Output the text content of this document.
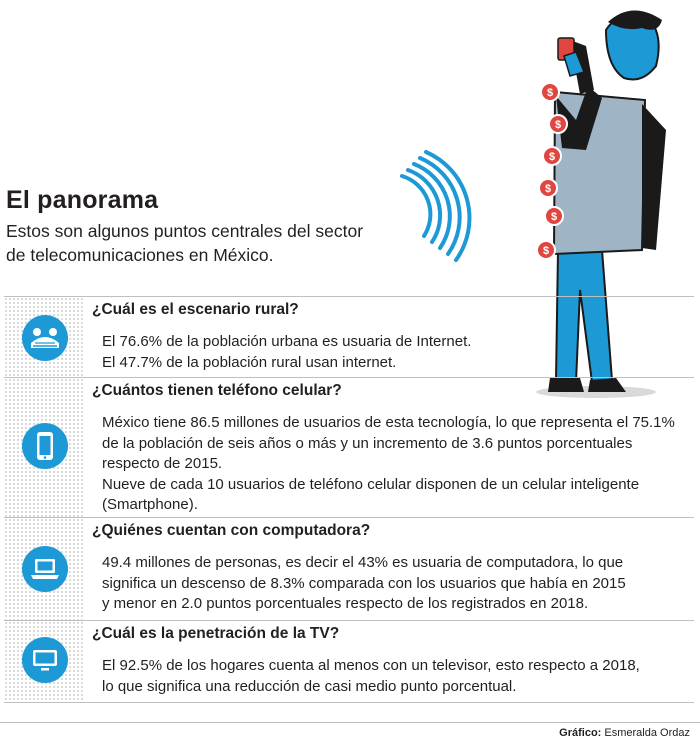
$
$
$
$
$
$
El panorama
Estos son algunos puntos centrales del sector
de telecomunicaciones en México.

¿Cuál es el escenario rural?

El 76.6% de la población urbana es usuaria de Internet.

El 47.7% de la población rural usan internet.

¿Cuántos tienen teléfono celular?

México tiene 86.5 millones de usuarios de esta tecnología, lo que representa el 75.1%

de la población de seis años o más y un incremento de 3.6 puntos porcentuales

respecto de 2015.

Nueve de cada 10 usuarios de teléfono celular disponen de un celular inteligente

(Smartphone).

¿Quiénes cuentan con computadora?

49.4 millones de personas, es decir el 43% es usuaria de computadora, lo que

significa un descenso de 8.3% comparada con los usuarios que había en 2015

y menor en 2.0 puntos porcentuales respecto de los registrados en 2018.

¿Cuál es la penetración de la TV?

El 92.5% de los hogares cuenta al menos con un televisor, esto respecto a 2018,

lo que significa una reducción de casi medio punto porcentual.

Gráfico: Esmeralda Ordaz
